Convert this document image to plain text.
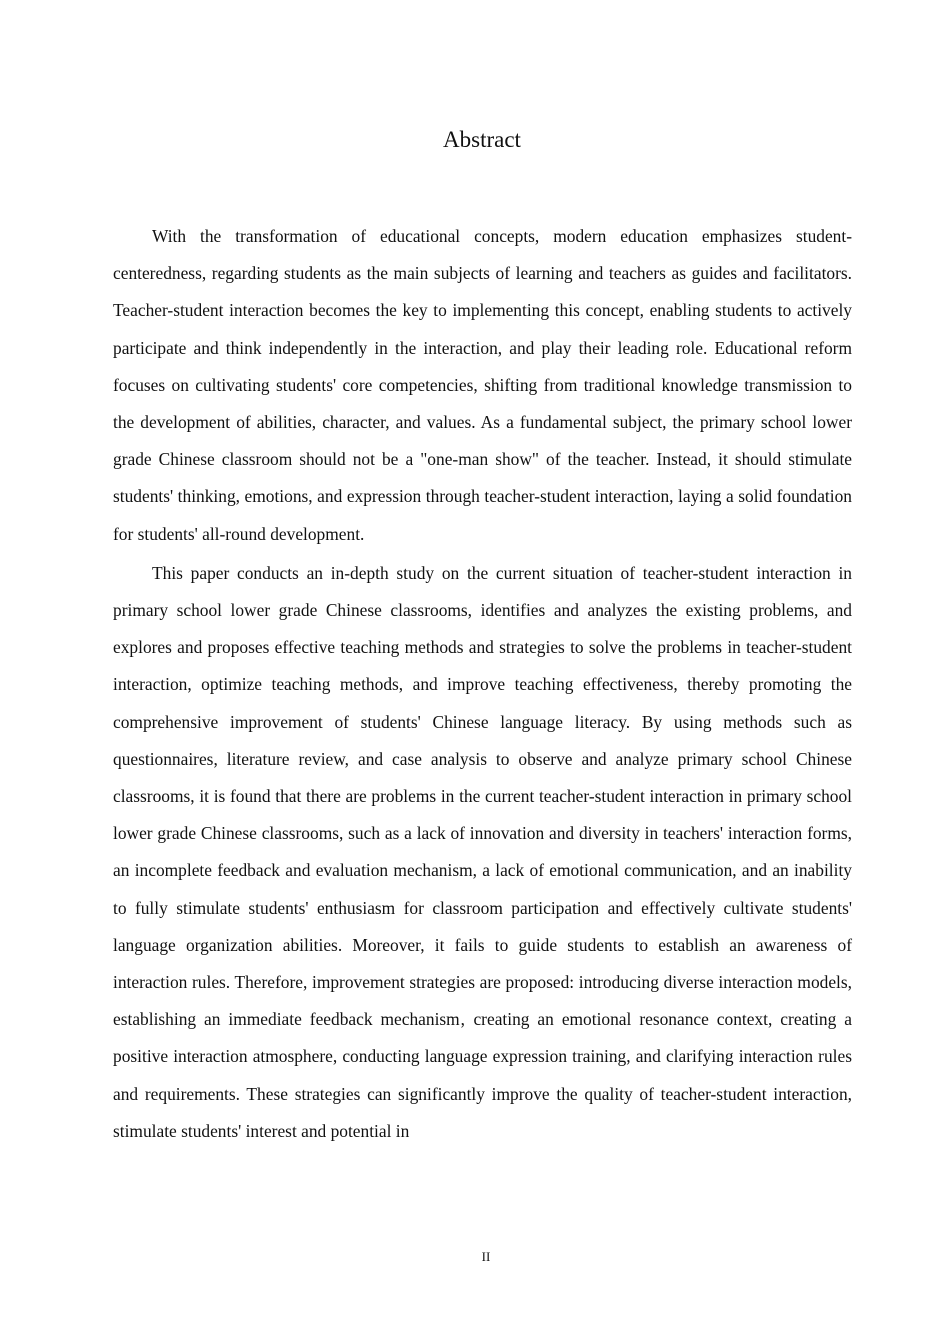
Abstract

With the transformation of educational concepts, modern education emphasizes student-centeredness, regarding students as the main subjects of learning and teachers as guides and facilitators. Teacher-student interaction becomes the key to implementing this concept, enabling students to actively participate and think independently in the interaction, and play their leading role. Educational reform focuses on cultivating students' core competencies, shifting from traditional knowledge transmission to the development of abilities, character, and values. As a fundamental subject, the primary school lower grade Chinese classroom should not be a "one-man show" of the teacher. Instead, it should stimulate students' thinking, emotions, and expression through teacher-student interaction, laying a solid foundation for students' all-round development.

This paper conducts an in-depth study on the current situation of teacher-student interaction in primary school lower grade Chinese classrooms, identifies and analyzes the existing problems, and explores and proposes effective teaching methods and strategies to solve the problems in teacher-student interaction, optimize teaching methods, and improve teaching effectiveness, thereby promoting the comprehensive improvement of students' Chinese language literacy. By using methods such as questionnaires, literature review, and case analysis to observe and analyze primary school Chinese classrooms, it is found that there are problems in the current teacher-student interaction in primary school lower grade Chinese classrooms, such as a lack of innovation and diversity in teachers' interaction forms, an incomplete feedback and evaluation mechanism, a lack of emotional communication, and an inability to fully stimulate students' enthusiasm for classroom participation and effectively cultivate students' language organization abilities. Moreover, it fails to guide students to establish an awareness of interaction rules. Therefore, improvement strategies are proposed: introducing diverse interaction models, establishing an immediate feedback mechanism‚ creating an emotional resonance context, creating a positive interaction atmosphere, conducting language expression training, and clarifying interaction rules and requirements. These strategies can significantly improve the quality of teacher-student interaction, stimulate students' interest and potential in

II
